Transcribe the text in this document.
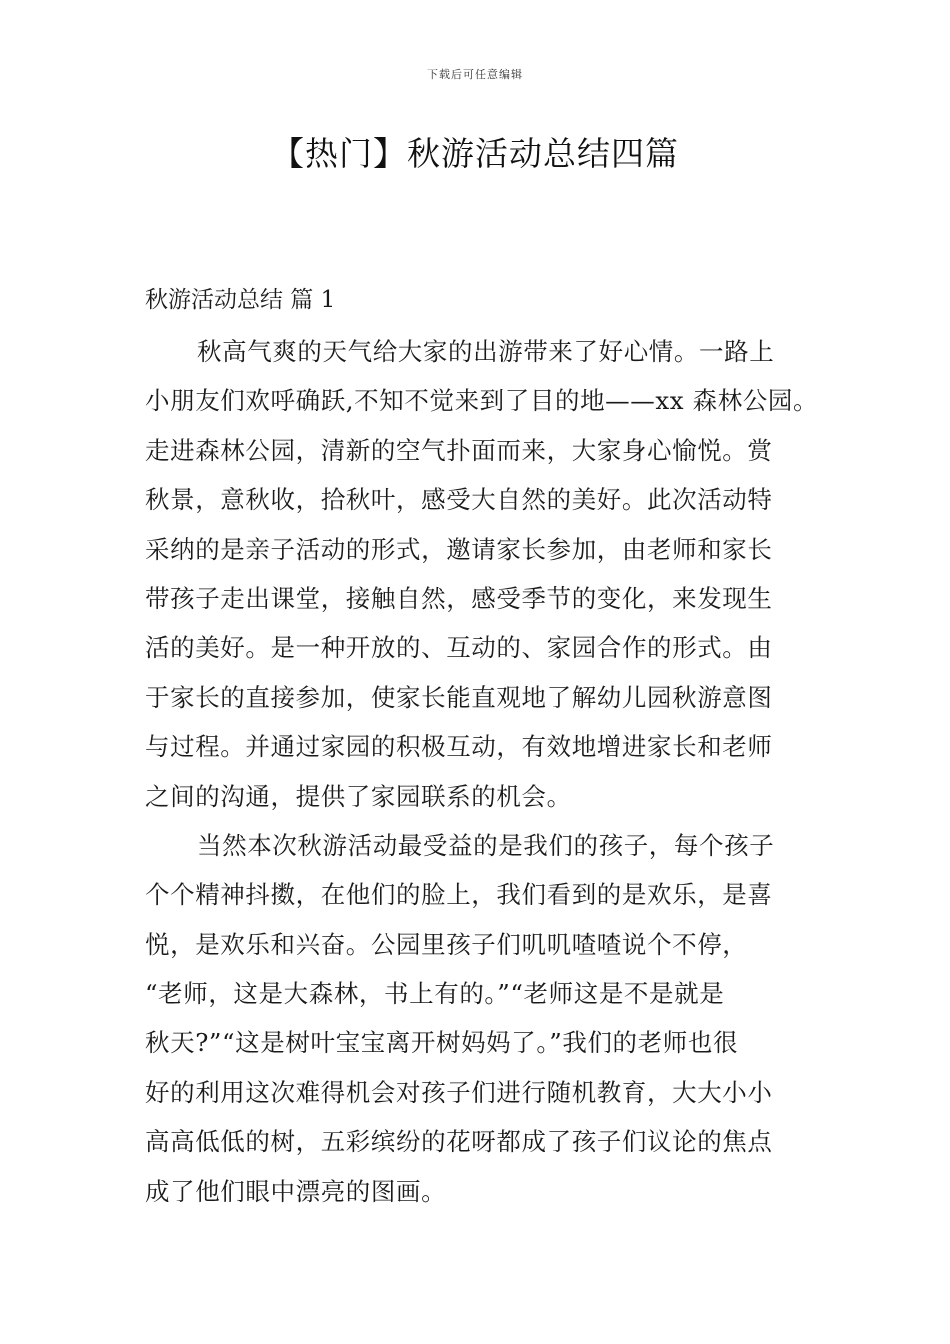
下载后可任意编辑
【热门】秋游活动总结四篇
秋游活动总结 篇 1
秋高气爽的天气给大家的出游带来了好心情。一路上
小朋友们欢呼确跃,不知不觉来到了目的地——xx 森林公园。
走进森林公园，清新的空气扑面而来，大家身心愉悦。赏
秋景，意秋收，拾秋叶，感受大自然的美好。此次活动特
采纳的是亲子活动的形式，邀请家长参加，由老师和家长
带孩子走出课堂，接触自然，感受季节的变化，来发现生
活的美好。是一种开放的、互动的、家园合作的形式。由
于家长的直接参加，使家长能直观地了解幼儿园秋游意图
与过程。并通过家园的积极互动，有效地增进家长和老师
之间的沟通，提供了家园联系的机会。
当然本次秋游活动最受益的是我们的孩子，每个孩子
个个精神抖擞，在他们的脸上，我们看到的是欢乐，是喜
悦，是欢乐和兴奋。公园里孩子们叽叽喳喳说个不停，
“老师，这是大森林，书上有的。”“老师这是不是就是
秋天?”“这是树叶宝宝离开树妈妈了。”我们的老师也很
好的利用这次难得机会对孩子们进行随机教育，大大小小
高高低低的树，五彩缤纷的花呀都成了孩子们议论的焦点
成了他们眼中漂亮的图画。
